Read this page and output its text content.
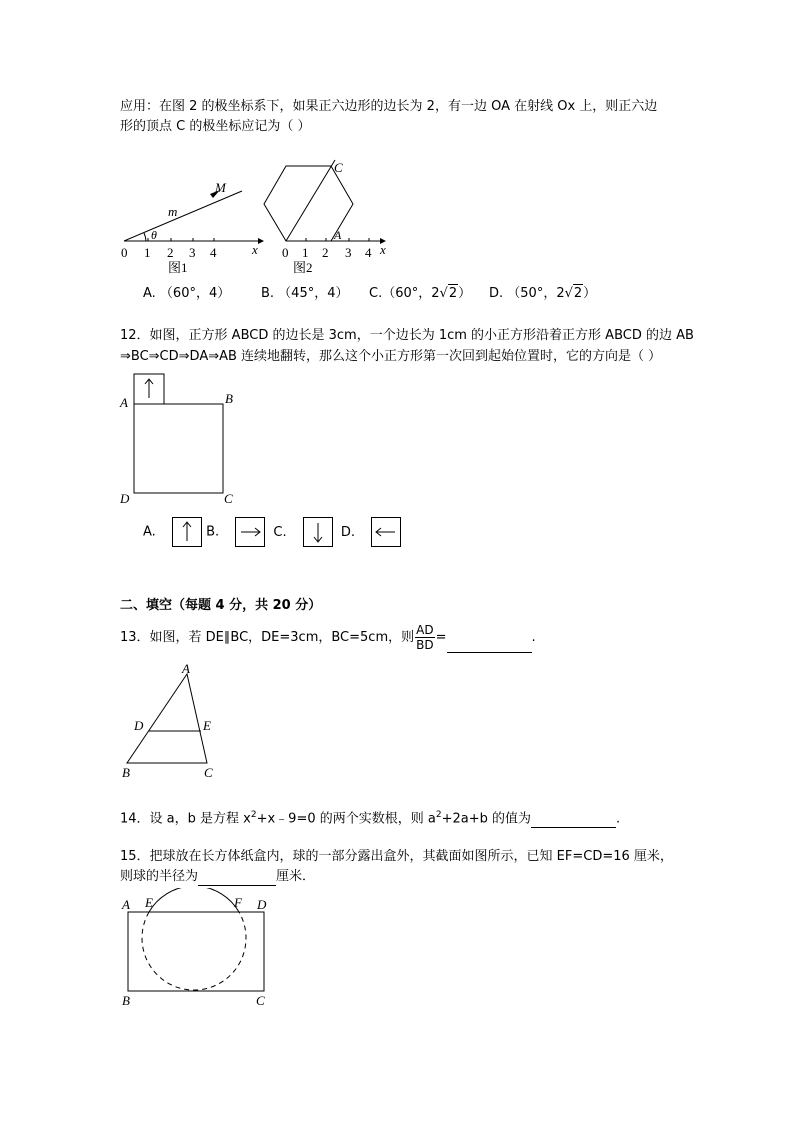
应用：在图 2 的极坐标系下，如果正六边形的边长为 2，有一边 OA 在射线 Ox 上，则正六边
形的顶点 C 的极坐标应记为（ ）
M
m
θ
x
0 1 2 3 4
图1
C
A
x
0 1 2 3 4
图2
A. （60°，4） B. （45°，4） C.（60°，2√2） D. （50°，2√2）
12．如图，正方形 ABCD 的边长是 3cm，一个边长为 1cm 的小正方形沿着正方形 ABCD 的边 AB
⇒BC⇒CD⇒DA⇒AB 连续地翻转，那么这个小正方形第一次回到起始位置时，它的方向是（ ）
A	B
D	C
A.	B.	C.	D.
二、填空（每题 4 分，共 20 分）
13．如图，若 DE∥BC，DE=3cm，BC=5cm，则 $\frac{AD}{BD}$ =	.
A
D	E
B	C
14．设 a，b 是方程 $x^2+x﹣9=0$ 的两个实数根，则 $a^2+2a+b$ 的值为	.
15．把球放在长方体纸盒内，球的一部分露出盒外，其截面如图所示，已知 EF=CD=16 厘米，
则球的半径为	厘米．
A E	F D
B	C
